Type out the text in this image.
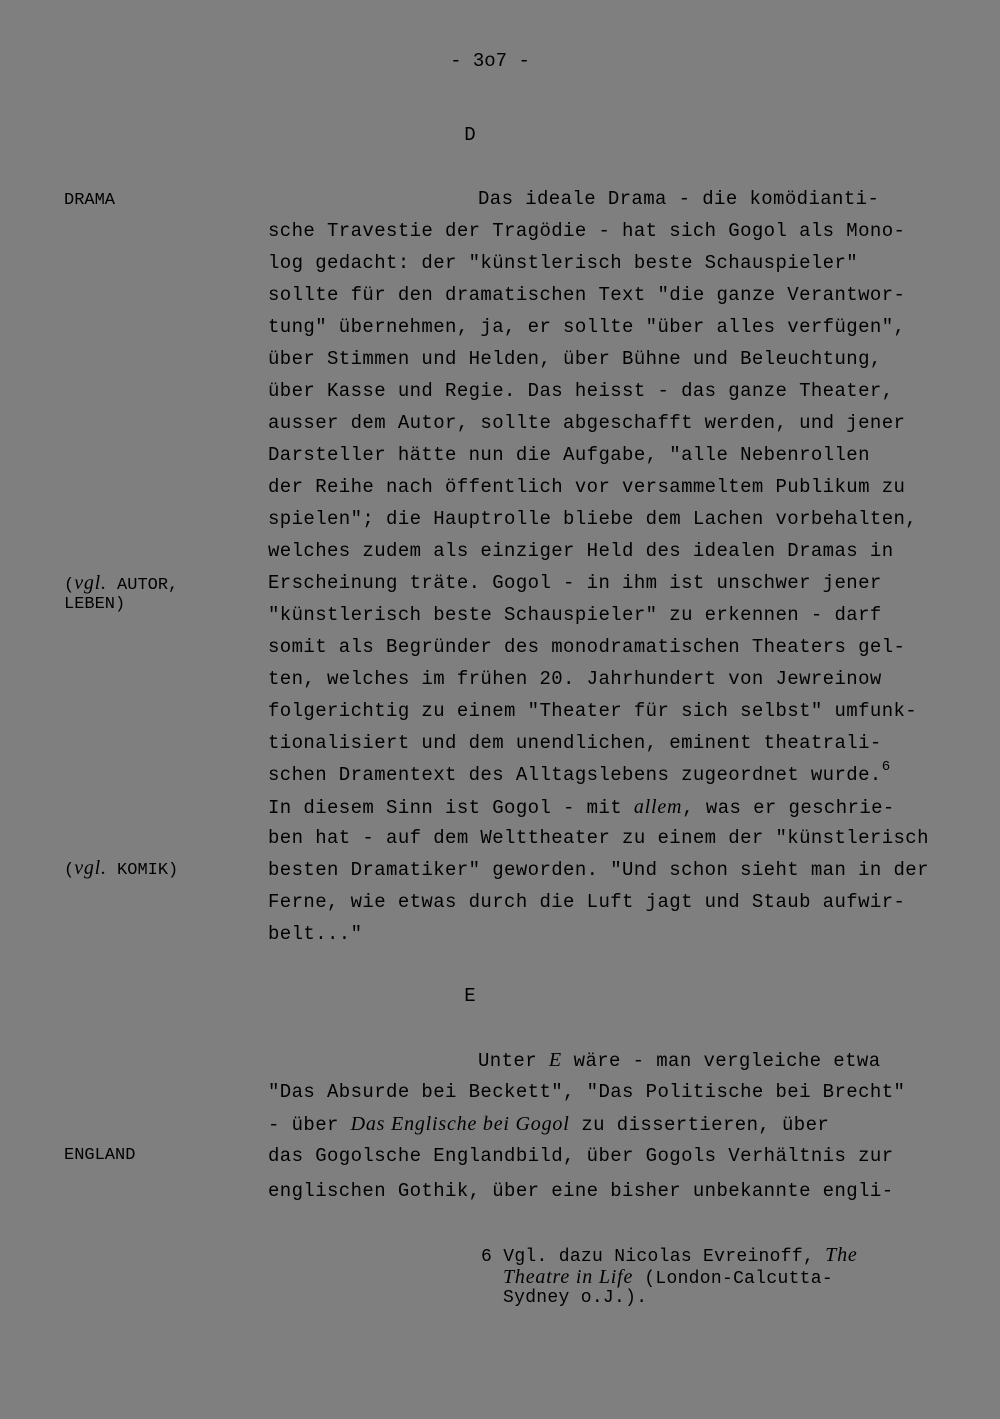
- 3o7 -
D
DRAMA
(vgl. AUTOR,
LEBEN)
(vgl. KOMIK)
ENGLAND
Das ideale Drama - die komödianti-
sche Travestie der Tragödie - hat sich Gogol als Mono-
log gedacht: der "künstlerisch beste Schauspieler"
sollte für den dramatischen Text "die ganze Verantwor-
tung" übernehmen, ja, er sollte "über alles verfügen",
über Stimmen und Helden, über Bühne und Beleuchtung,
über Kasse und Regie. Das heisst - das ganze Theater,
ausser dem Autor, sollte abgeschafft werden, und jener
Darsteller hätte nun die Aufgabe, "alle Nebenrollen
der Reihe nach öffentlich vor versammeltem Publikum zu
spielen"; die Hauptrolle bliebe dem Lachen vorbehalten,
welches zudem als einziger Held des idealen Dramas in
Erscheinung träte. Gogol - in ihm ist unschwer jener
"künstlerisch beste Schauspieler" zu erkennen - darf
somit als Begründer des monodramatischen Theaters gel-
ten, welches im frühen 20. Jahrhundert von Jewreinow
folgerichtig zu einem "Theater für sich selbst" umfunk-
tionalisiert und dem unendlichen, eminent theatrali-
schen Dramentext des Alltagslebens zugeordnet wurde.$^6$
In diesem Sinn ist Gogol - mit allem, was er geschrie-
ben hat - auf dem Welttheater zu einem der "künstlerisch
besten Dramatiker" geworden. "Und schon sieht man in der
Ferne, wie etwas durch die Luft jagt und Staub aufwir-
belt..."
E
Unter E wäre - man vergleiche etwa
"Das Absurde bei Beckett", "Das Politische bei Brecht"
- über Das Englische bei Gogol zu dissertieren, über
das Gogolsche Englandbild, über Gogols Verhältnis zur
englischen Gothik, über eine bisher unbekannte engli-
6 Vgl. dazu Nicolas Evreinoff, The
Theatre in Life (London-Calcutta-
Sydney o.J.).
